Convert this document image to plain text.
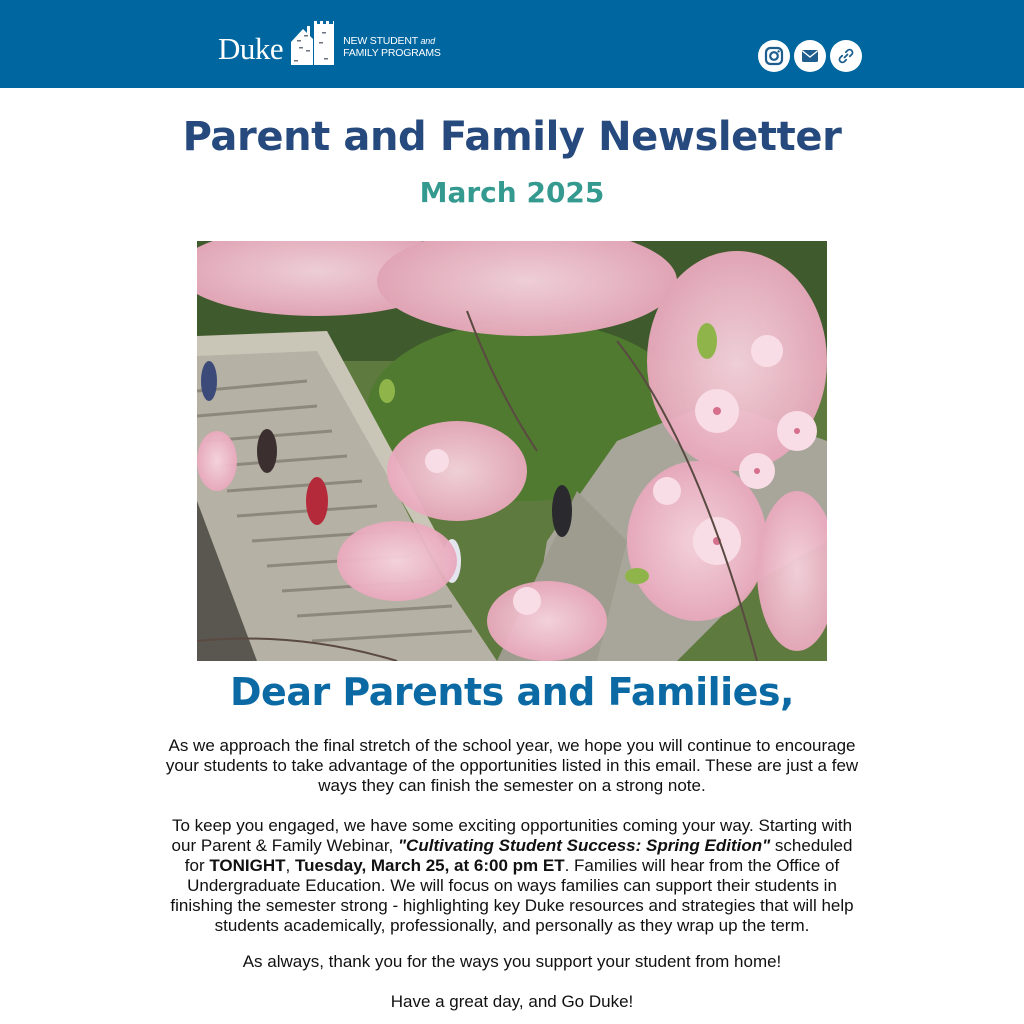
Duke	NEW STUDENT and
FAMILY PROGRAMS
Parent and Family Newsletter
March 2025
Dear Parents and Families,

As we approach the final stretch of the school year, we hope you will continue to encourage your students to take advantage of the opportunities listed in this email. These are just a few ways they can finish the semester on a strong note.

To keep you engaged, we have some exciting opportunities coming your way. Starting with our Parent & Family Webinar, "Cultivating Student Success: Spring Edition" scheduled for TONIGHT, Tuesday, March 25, at 6:00 pm ET. Families will hear from the Office of Undergraduate Education. We will focus on ways families can support their students in finishing the semester strong - highlighting key Duke resources and strategies that will help students academically, professionally, and personally as they wrap up the term.

As always, thank you for the ways you support your student from home!

Have a great day, and Go Duke!
